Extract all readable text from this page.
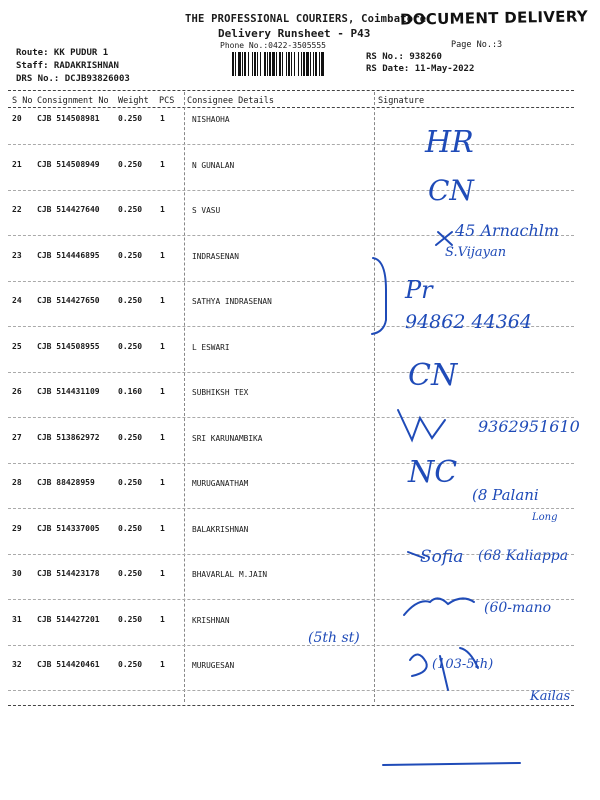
THE PROFESSIONAL COURIERS, Coimbatore
Delivery Runsheet - P43
Phone No.:0422-3505555
DOCUMENT DELIVERY
Page No.:3
Route: KK PUDUR 1
Staff: RADAKRISHNAN
DRS No.: DCJB93826003
RS No.: 938260
RS Date: 11-May-2022
S No Consignment No Weight PCS Consignee Details	Signature
20 CJB 514508981 0.250 1	NISHAOHA
21 CJB 514508949 0.250 1	N GUNALAN
22 CJB 514427640 0.250 1	S VASU
23 CJB 514446895 0.250 1	INDRASENAN
24 CJB 514427650 0.250 1	SATHYA INDRASENAN
25 CJB 514508955 0.250 1	L ESWARI
26 CJB 514431109 0.160 1	SUBHIKSH TEX
27 CJB 513862972 0.250 1	SRI KARUNAMBIKA
28 CJB 88428959	0.250 1	MURUGANATHAM
29 CJB 514337005 0.250 1	BALAKRISHNAN
30 CJB 514423178 0.250 1	BHAVARLAL M.JAIN
31 CJB 514427201 0.250 1	KRISHNAN
32 CJB 514420461 0.250 1	MURUGESAN
HR
CN
45 Arnachlm
S.Vijayan
Pr
94862 44364
CN
9362951610
NC
(8 Palani
Long
Sofia (68 Kaliappa
(60-mano
(5th st)
(103-5th)
Kailas
